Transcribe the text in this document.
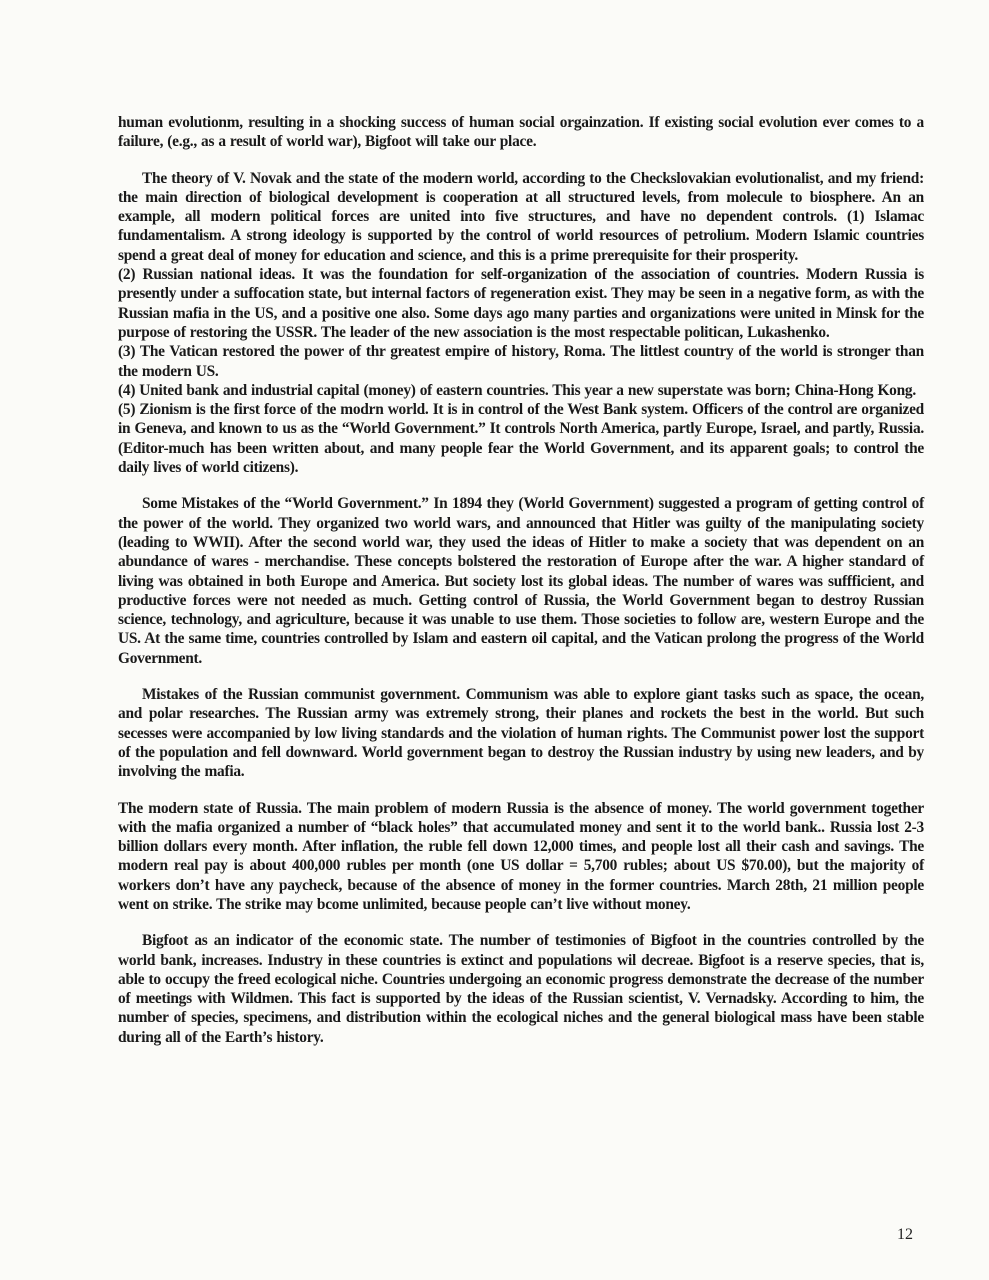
human evolutionm, resulting in a shocking success of human social orgainzation. If existing social evolution ever comes to a failure, (e.g., as a result of world war), Bigfoot will take our place.

The theory of V. Novak and the state of the modern world, according to the Checkslovakian evolutionalist, and my friend: the main direction of biological development is cooperation at all structured levels, from molecule to biosphere. An an example, all modern political forces are united into five structures, and have no dependent controls. (1) Islamac fundamentalism. A strong ideology is supported by the control of world resources of petrolium. Modern Islamic countries spend a great deal of money for education and science, and this is a prime prerequisite for their prosperity.

(2) Russian national ideas. It was the foundation for self-organization of the association of countries. Modern Russia is presently under a suffocation state, but internal factors of regeneration exist. They may be seen in a negative form, as with the Russian mafia in the US, and a positive one also. Some days ago many parties and organizations were united in Minsk for the purpose of restoring the USSR. The leader of the new association is the most respectable politican, Lukashenko.

(3) The Vatican restored the power of thr greatest empire of history, Roma. The littlest country of the world is stronger than the modern US.

(4) United bank and industrial capital (money) of eastern countries. This year a new superstate was born; China-Hong Kong.

(5) Zionism is the first force of the modrn world. It is in control of the West Bank system. Officers of the control are organized in Geneva, and known to us as the “World Government.” It controls North America, partly Europe, Israel, and partly, Russia. (Editor-much has been written about, and many people fear the World Government, and its apparent goals; to control the daily lives of world citizens).

Some Mistakes of the “World Government.” In 1894 they (World Government) suggested a program of getting control of the power of the world. They organized two world wars, and announced that Hitler was guilty of the manipulating society (leading to WWII). After the second world war, they used the ideas of Hitler to make a society that was dependent on an abundance of wares - merchandise. These concepts bolstered the restoration of Europe after the war. A higher standard of living was obtained in both Europe and America. But society lost its global ideas. The number of wares was suffficient, and productive forces were not needed as much. Getting control of Russia, the World Government began to destroy Russian science, technology, and agriculture, because it was unable to use them. Those societies to follow are, western Europe and the US. At the same time, countries controlled by Islam and eastern oil capital, and the Vatican prolong the progress of the World Government.

Mistakes of the Russian communist government. Communism was able to explore giant tasks such as space, the ocean, and polar researches. The Russian army was extremely strong, their planes and rockets the best in the world. But such secesses were accompanied by low living standards and the violation of human rights. The Communist power lost the support of the population and fell downward. World government began to destroy the Russian industry by using new leaders, and by involving the mafia.

The modern state of Russia. The main problem of modern Russia is the absence of money. The world government together with the mafia organized a number of “black holes” that accumulated money and sent it to the world bank.. Russia lost 2-3 billion dollars every month. After inflation, the ruble fell down 12,000 times, and people lost all their cash and savings. The modern real pay is about 400,000 rubles per month (one US dollar = 5,700 rubles; about US $70.00), but the majority of workers don’t have any paycheck, because of the absence of money in the former countries. March 28th, 21 million people went on strike. The strike may bcome unlimited, because people can’t live without money.

Bigfoot as an indicator of the economic state. The number of testimonies of Bigfoot in the countries controlled by the world bank, increases. Industry in these countries is extinct and populations wil decreae. Bigfoot is a reserve species, that is, able to occupy the freed ecological niche. Countries undergoing an economic progress demonstrate the decrease of the number of meetings with Wildmen. This fact is supported by the ideas of the Russian scientist, V. Vernadsky. According to him, the number of species, specimens, and distribution within the ecological niches and the general biological mass have been stable during all of the Earth’s history.

12
